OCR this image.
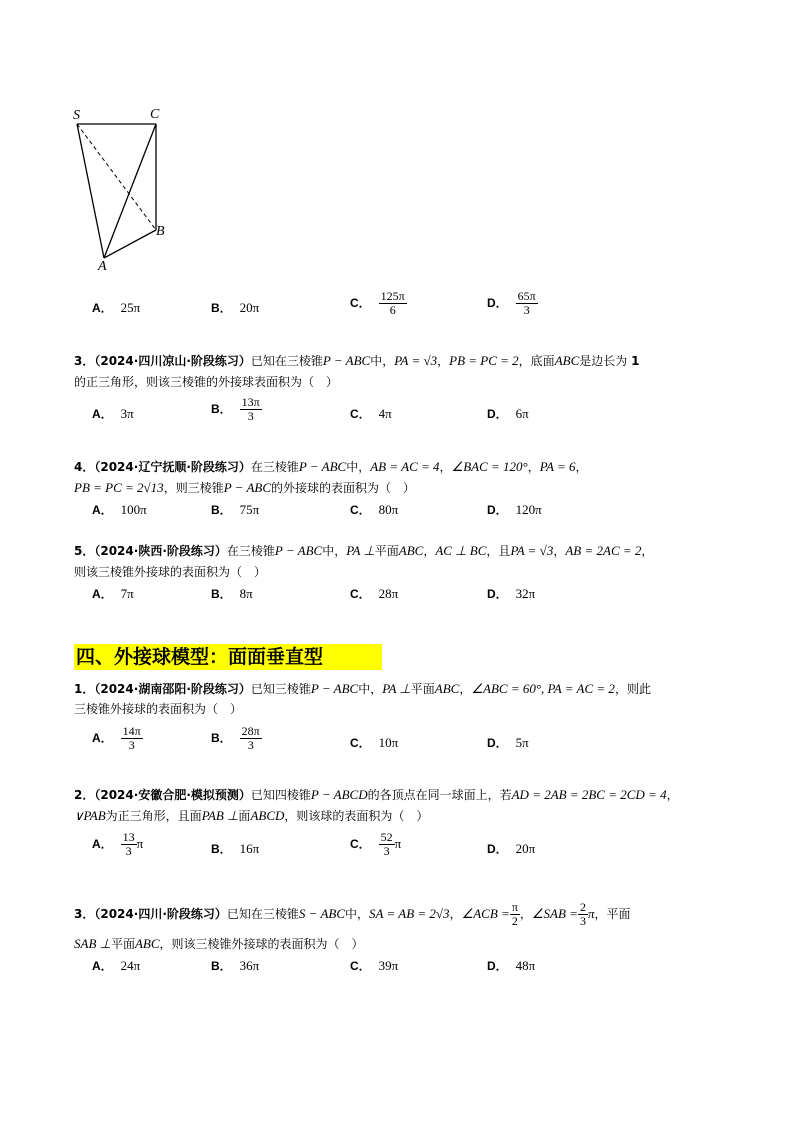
S	C
B
A
A． 25π	B． 20π	C． $\frac{125\pi}{6}$	D． $\frac{65\pi}{3}$
3．（2024·四川凉山·阶段练习）已知在三棱锥P − ABC中，PA = √3，PB = PC = 2，底面ABC是边长为 1
的正三角形，则该三棱锥的外接球表面积为（　）
A． 3π	B． $\frac{13\pi}{3}$	C． 4π	D． 6π
4．（2024·辽宁抚顺·阶段练习）在三棱锥P − ABC中，AB = AC = 4，∠BAC = 120°，PA = 6，
PB = PC = 2√13，则三棱锥P − ABC的外接球的表面积为（　）
A． 100π	B． 75π	C． 80π	D． 120π
5．（2024·陕西·阶段练习）在三棱锥P − ABC中，PA ⊥平面ABC，AC ⊥ BC，且PA = √3，AB = 2AC = 2，
则该三棱锥外接球的表面积为（　）
A． 7π	B． 8π	C． 28π	D． 32π
四、外接球模型：面面垂直型
1．（2024·湖南邵阳·阶段练习）已知三棱锥P − ABC中，PA ⊥平面ABC，∠ABC = 60°, PA = AC = 2，则此
三棱锥外接球的表面积为（　）
A． $\frac{14\pi}{3}$	B． $\frac{28\pi}{3}$	C． 10π	D． 5π
2．（2024·安徽合肥·模拟预测）已知四棱锥P − ABCD的各顶点在同一球面上，若AD = 2AB = 2BC = 2CD = 4，
∨PAB为正三角形，且面PAB ⊥面ABCD，则该球的表面积为（　）
A． $\frac{13}{3}$ π	B． 16π	C． $\frac{52}{3}$ π	D． 20π
3．（2024·四川·阶段练习）已知在三棱锥S − ABC中，SA = AB = 2√3，∠ACB = $\frac{\pi}{2}$ ，∠SAB = $\frac{2}{3}$ π，平面
SAB ⊥平面ABC，则该三棱锥外接球的表面积为（　）
A． 24π	B． 36π	C． 39π	D． 48π
